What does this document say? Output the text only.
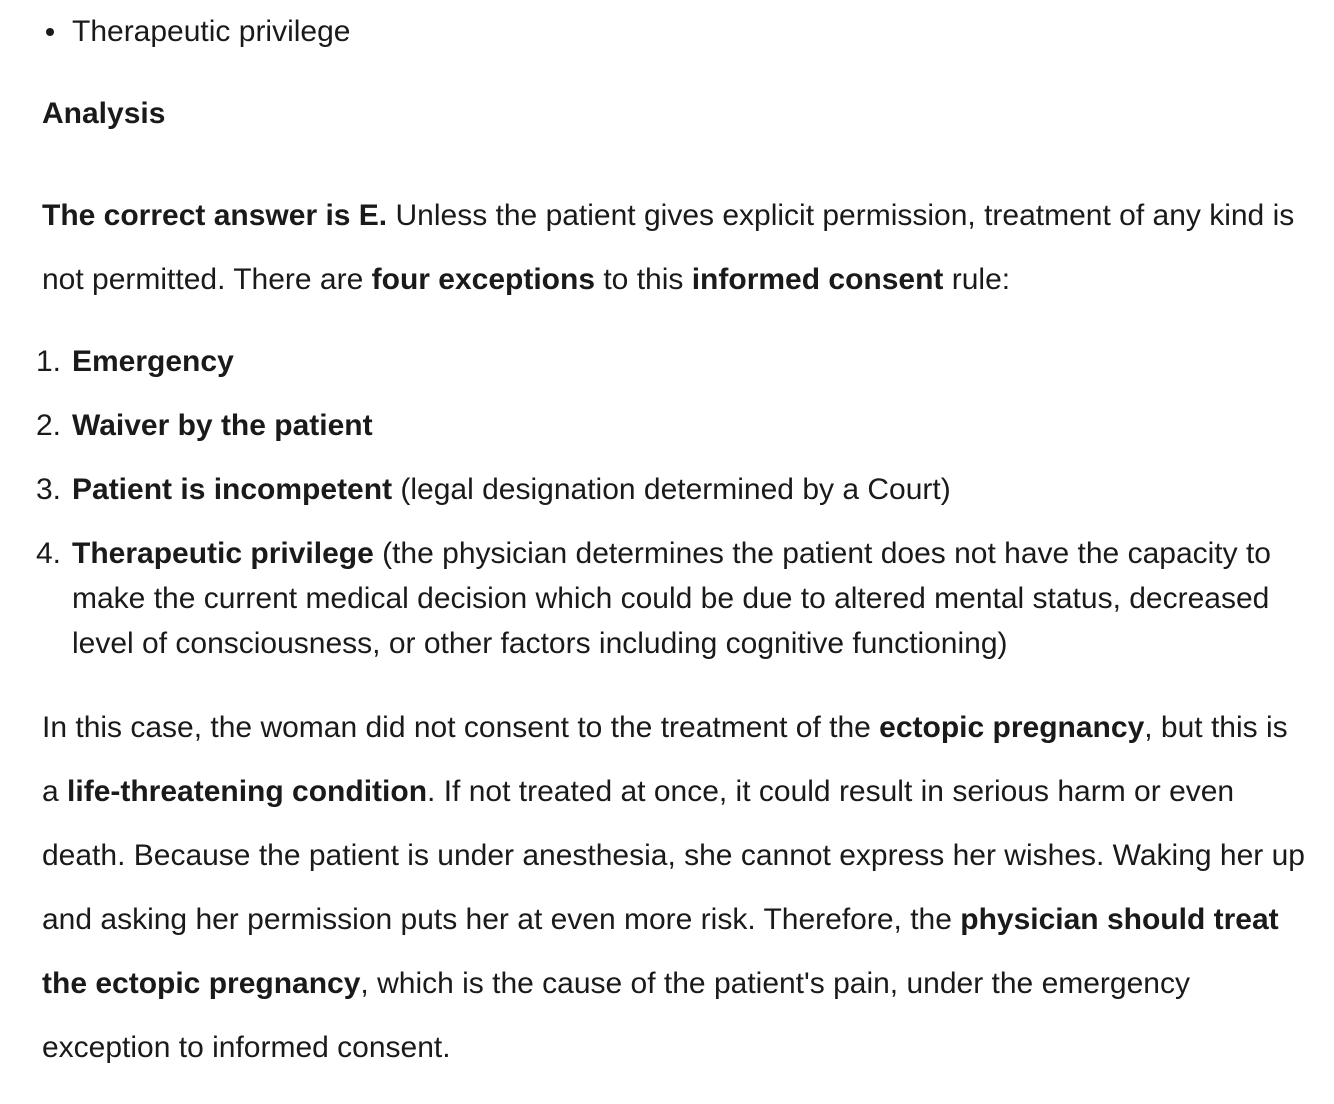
Therapeutic privilege
Analysis

The correct answer is E. Unless the patient gives explicit permission, treatment of any kind is not permitted. There are four exceptions to this informed consent rule:

1. Emergency
2. Waiver by the patient
3. Patient is incompetent (legal designation determined by a Court)
4. Therapeutic privilege (the physician determines the patient does not have the capacity to make the current medical decision which could be due to altered mental status, decreased level of consciousness, or other factors including cognitive functioning)

In this case, the woman did not consent to the treatment of the ectopic pregnancy, but this is a life-threatening condition. If not treated at once, it could result in serious harm or even death. Because the patient is under anesthesia, she cannot express her wishes. Waking her up and asking her permission puts her at even more risk. Therefore, the physician should treat the ectopic pregnancy, which is the cause of the patient's pain, under the emergency exception to informed consent.
